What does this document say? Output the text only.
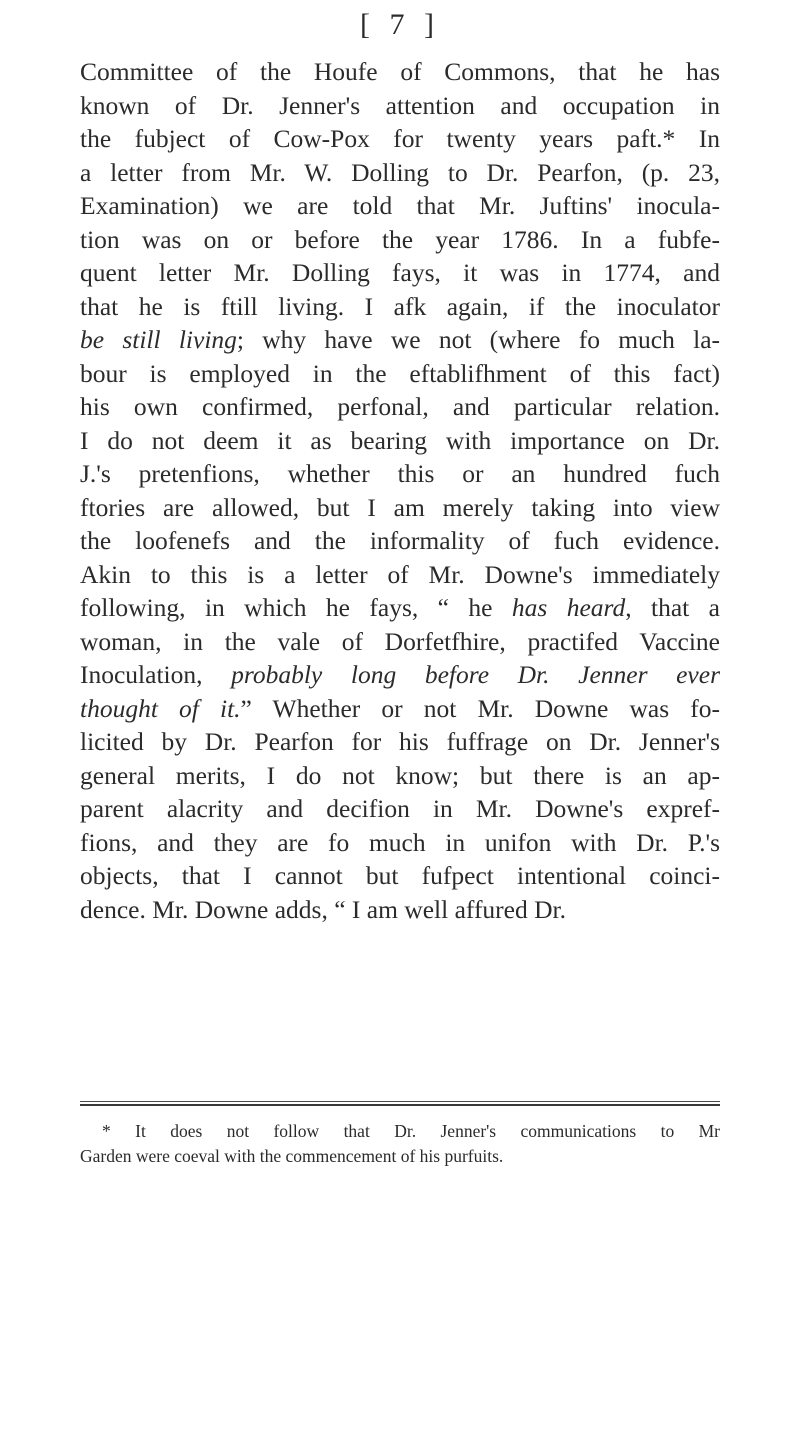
[ 7 ]
Committee of the Houfe of Commons, that he has
known of Dr. Jenner's attention and occupation in
the fubject of Cow-Pox for twenty years paft.* In
a letter from Mr. W. Dolling to Dr. Pearfon, (p. 23,
Examination) we are told that Mr. Juftins' inocula-
tion was on or before the year 1786. In a fubfe-
quent letter Mr. Dolling fays, it was in 1774, and
that he is ftill living. I afk again, if the inoculator
be still living; why have we not (where fo much la-
bour is employed in the eftablifhment of this fact)
his own confirmed, perfonal, and particular relation.
I do not deem it as bearing with importance on Dr.
J.'s pretenfions, whether this or an hundred fuch
ftories are allowed, but I am merely taking into view
the loofenefs and the informality of fuch evidence.
Akin to this is a letter of Mr. Downe's immediately
following, in which he fays, “ he has heard, that a
woman, in the vale of Dorfetfhire, practifed Vaccine
Inoculation, probably long before Dr. Jenner ever
thought of it.” Whether or not Mr. Downe was fo-
licited by Dr. Pearfon for his fuffrage on Dr. Jenner's
general merits, I do not know; but there is an ap-
parent alacrity and decifion in Mr. Downe's expref-
fions, and they are fo much in unifon with Dr. P.'s
objects, that I cannot but fufpect intentional coinci-
dence. Mr. Downe adds, “ I am well affured Dr.
* It does not follow that Dr. Jenner's communications to Mr
Garden were coeval with the commencement of his purfuits.
